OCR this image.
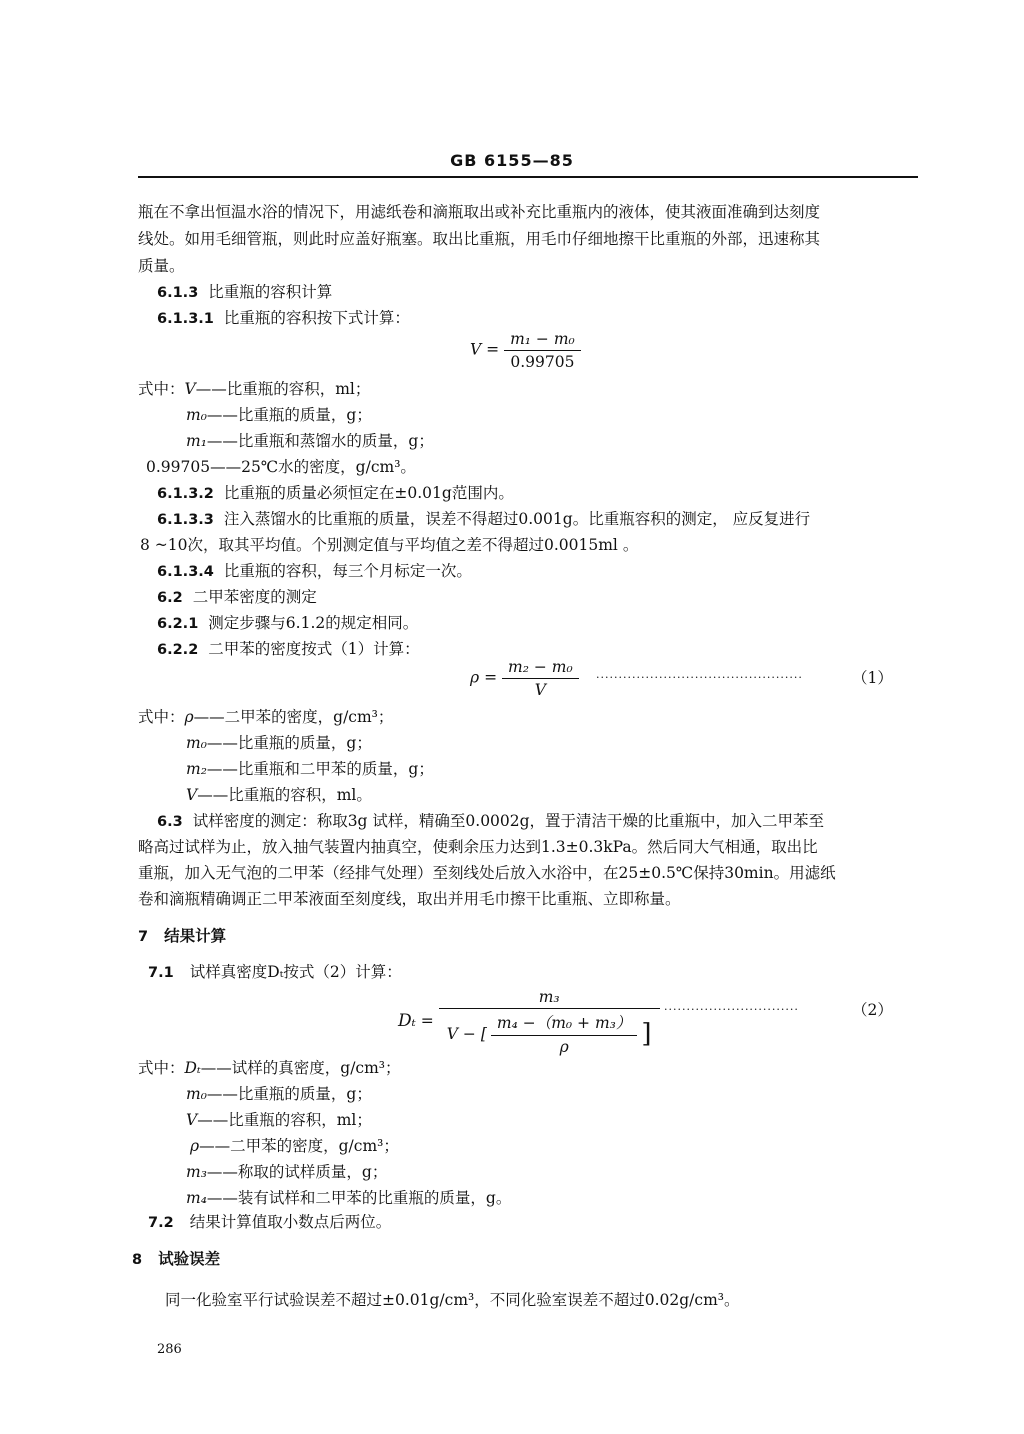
GB 6155—85
瓶在不拿出恒温水浴的情况下，用滤纸卷和滴瓶取出或补充比重瓶内的液体，使其液面准确到达刻度
线处。如用毛细管瓶，则此时应盖好瓶塞。取出比重瓶，用毛巾仔细地擦干比重瓶的外部，迅速称其
质量。
6.1.3 比重瓶的容积计算
6.1.3.1 比重瓶的容积按下式计算：
$V = \frac{\text{m₁ − m₀}}{0.99705}$
式中：V——比重瓶的容积，ml；
m₀——比重瓶的质量，g；
m₁——比重瓶和蒸馏水的质量，g；
0.99705——25℃水的密度，g/cm³。
6.1.3.2 比重瓶的质量必须恒定在±0.01g范围内。
6.1.3.3 注入蒸馏水的比重瓶的质量，误差不得超过0.001g。比重瓶容积的测定， 应反复进行
8 ~10次，取其平均值。个别测定值与平均值之差不得超过0.0015ml 。
6.1.3.4 比重瓶的容积，每三个月标定一次。
6.2 二甲苯密度的测定
6.2.1 测定步骤与6.1.2的规定相同。
6.2.2 二甲苯的密度按式（1）计算：
$\rho = \frac{\text{m₂ − m₀}}{V}$ ..............................................	（1）
式中：ρ——二甲苯的密度，g/cm³；
m₀——比重瓶的质量，g；
m₂——比重瓶和二甲苯的质量，g；
V——比重瓶的容积，ml。
6.3 试样密度的测定：称取3g 试样，精确至0.0002g，置于清洁干燥的比重瓶中，加入二甲苯至
略高过试样为止，放入抽气装置内抽真空，使剩余压力达到1.3±0.3kPa。然后同大气相通，取出比
重瓶，加入无气泡的二甲苯（经排气处理）至刻线处后放入水浴中，在25±0.5℃保持30min。用滤纸
卷和滴瓶精确调正二甲苯液面至刻度线，取出并用毛巾擦干比重瓶、立即称量。
7 结果计算
7.1 试样真密度Dₜ按式（2）计算：
$D_t = \frac{\text{m₃}}{V - [ \frac{\text{m₄ −（m₀ + m₃）}}{\rho} ]}$ ..............................	（2）
式中：Dₜ——试样的真密度，g/cm³；
m₀——比重瓶的质量，g；
V——比重瓶的容积，ml；
ρ——二甲苯的密度，g/cm³；
m₃——称取的试样质量，g；
m₄——装有试样和二甲苯的比重瓶的质量，g。
7.2 结果计算值取小数点后两位。
8 试验误差
同一化验室平行试验误差不超过±0.01g/cm³，不同化验室误差不超过0.02g/cm³。
286
